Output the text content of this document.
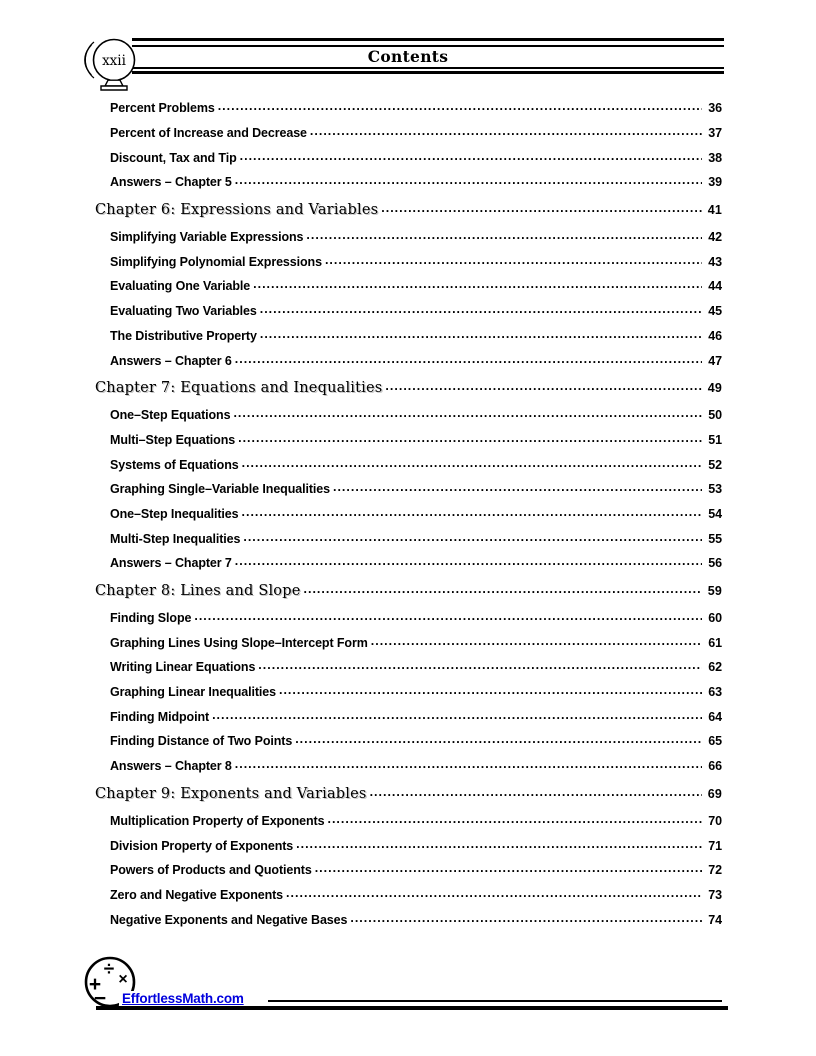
Contents
xxii
Percent Problems .....	36
Percent of Increase and Decrease .....	37
Discount, Tax and Tip .....	38
Answers – Chapter 5 .....	39
Chapter 6: Expressions and Variables .....	41
Simplifying Variable Expressions .....	42
Simplifying Polynomial Expressions .....	43
Evaluating One Variable .....	44
Evaluating Two Variables .....	45
The Distributive Property .....	46
Answers – Chapter 6 .....	47
Chapter 7: Equations and Inequalities .....	49
One–Step Equations .....	50
Multi–Step Equations .....	51
Systems of Equations .....	52
Graphing Single–Variable Inequalities .....	53
One–Step Inequalities .....	54
Multi-Step Inequalities .....	55
Answers – Chapter 7 .....	56
Chapter 8: Lines and Slope .....	59
Finding Slope .....	60
Graphing Lines Using Slope–Intercept Form .....	61
Writing Linear Equations .....	62
Graphing Linear Inequalities .....	63
Finding Midpoint .....	64
Finding Distance of Two Points .....	65
Answers – Chapter 8 .....	66
Chapter 9: Exponents and Variables .....	69
Multiplication Property of Exponents .....	70
Division Property of Exponents .....	71
Powers of Products and Quotients .....	72
Zero and Negative Exponents .....	73
Negative Exponents and Negative Bases .....	74
÷ ×
+
− EffortlessMath.com
